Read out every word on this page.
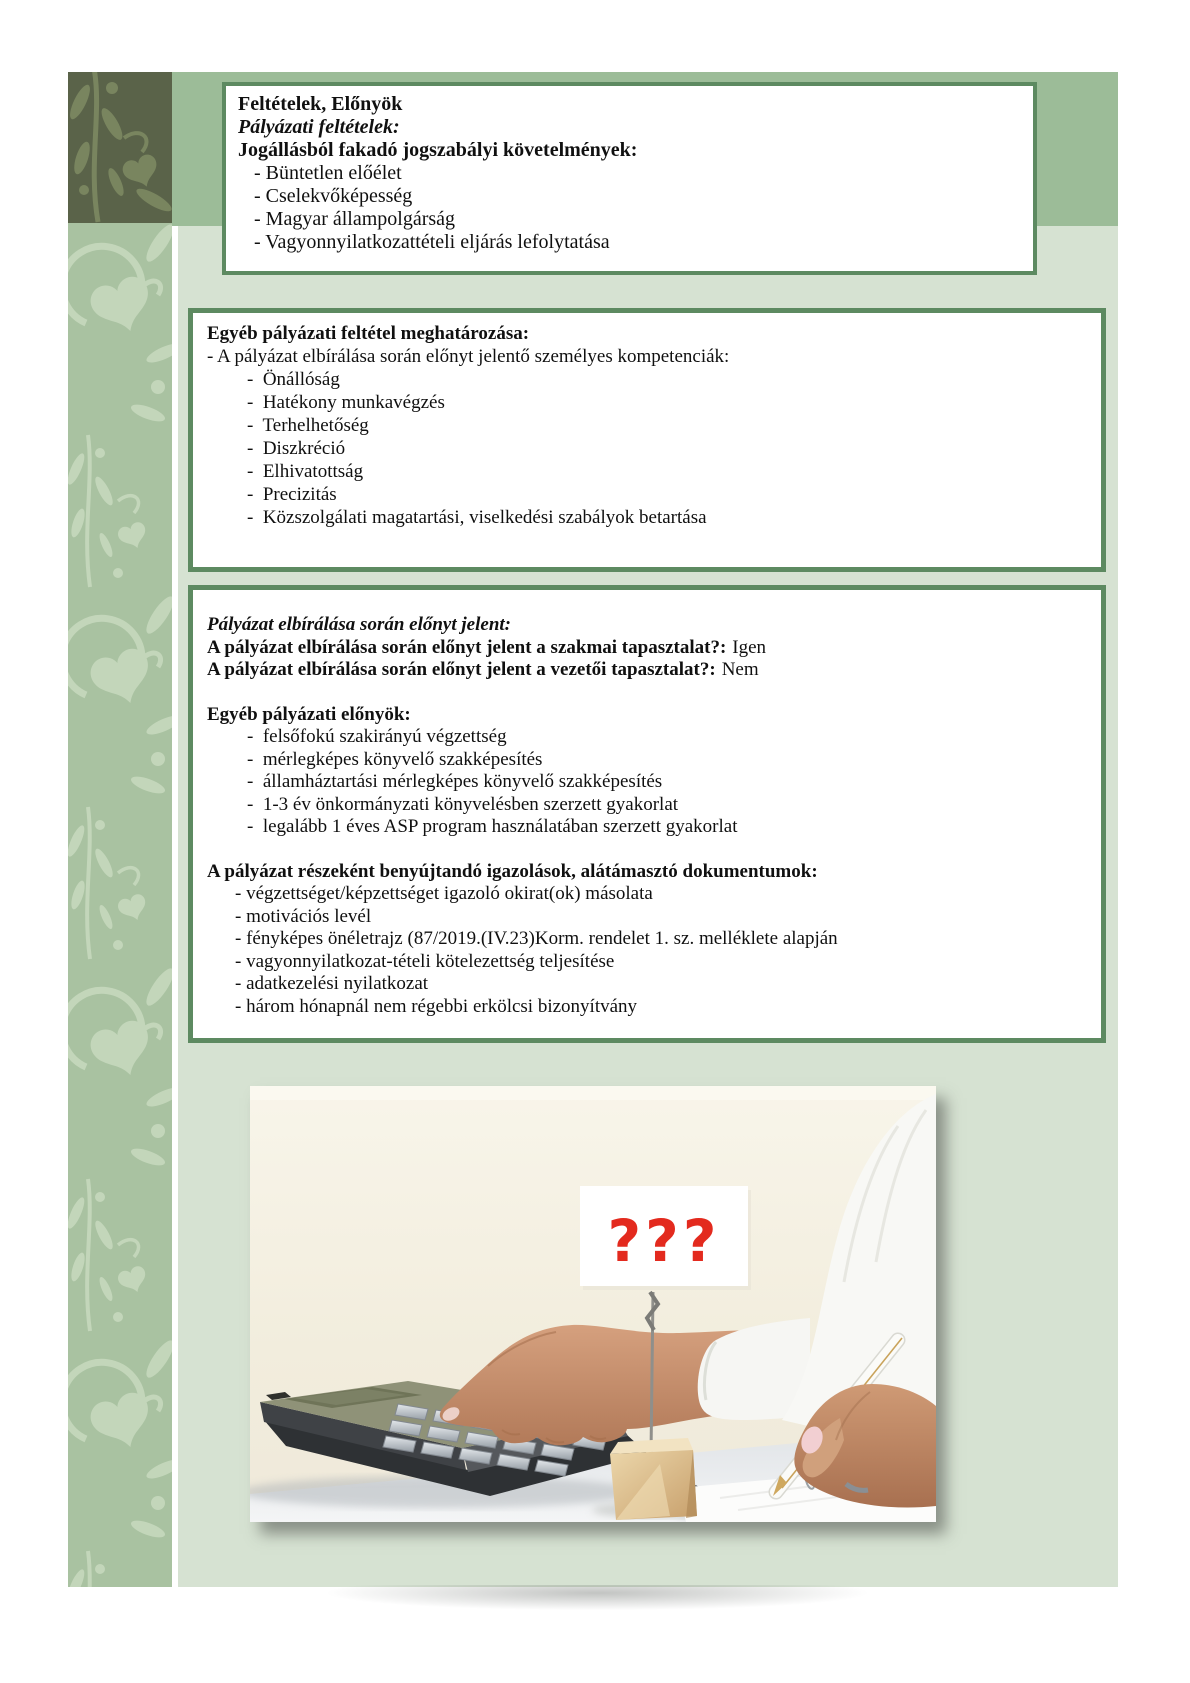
Feltételek, Előnyök

Pályázati feltételek:

Jogállásból fakadó jogszabályi követelmények:

- Büntetlen előélet

- Cselekvőképesség

- Magyar állampolgárság

- Vagyonnyilatkozattételi eljárás lefolytatása

Egyéb pályázati feltétel meghatározása:

- A pályázat elbírálása során előnyt jelentő személyes kompetenciák:

-  Önállóság

-  Hatékony munkavégzés

-  Terhelhetőség

-  Diszkréció

-  Elhivatottság

-  Precizitás

-  Közszolgálati magatartási, viselkedési szabályok betartása

Pályázat elbírálása során előnyt jelent:

A pályázat elbírálása során előnyt jelent a szakmai tapasztalat?: Igen

A pályázat elbírálása során előnyt jelent a vezetői tapasztalat?: Nem

Egyéb pályázati előnyök:

-  felsőfokú szakirányú végzettség

-  mérlegképes könyvelő szakképesítés

-  államháztartási mérlegképes könyvelő szakképesítés

-  1-3 év önkormányzati könyvelésben szerzett gyakorlat

-  legalább 1 éves ASP program használatában szerzett gyakorlat

A pályázat részeként benyújtandó igazolások, alátámasztó dokumentumok:

- végzettséget/képzettséget igazoló okirat(ok) másolata

- motivációs levél

- fényképes önéletrajz (87/2019.(IV.23)Korm. rendelet 1. sz. melléklete alapján

- vagyonnyilatkozat-tételi kötelezettség teljesítése

- adatkezelési nyilatkozat

- három hónapnál nem régebbi erkölcsi bizonyítvány

???
